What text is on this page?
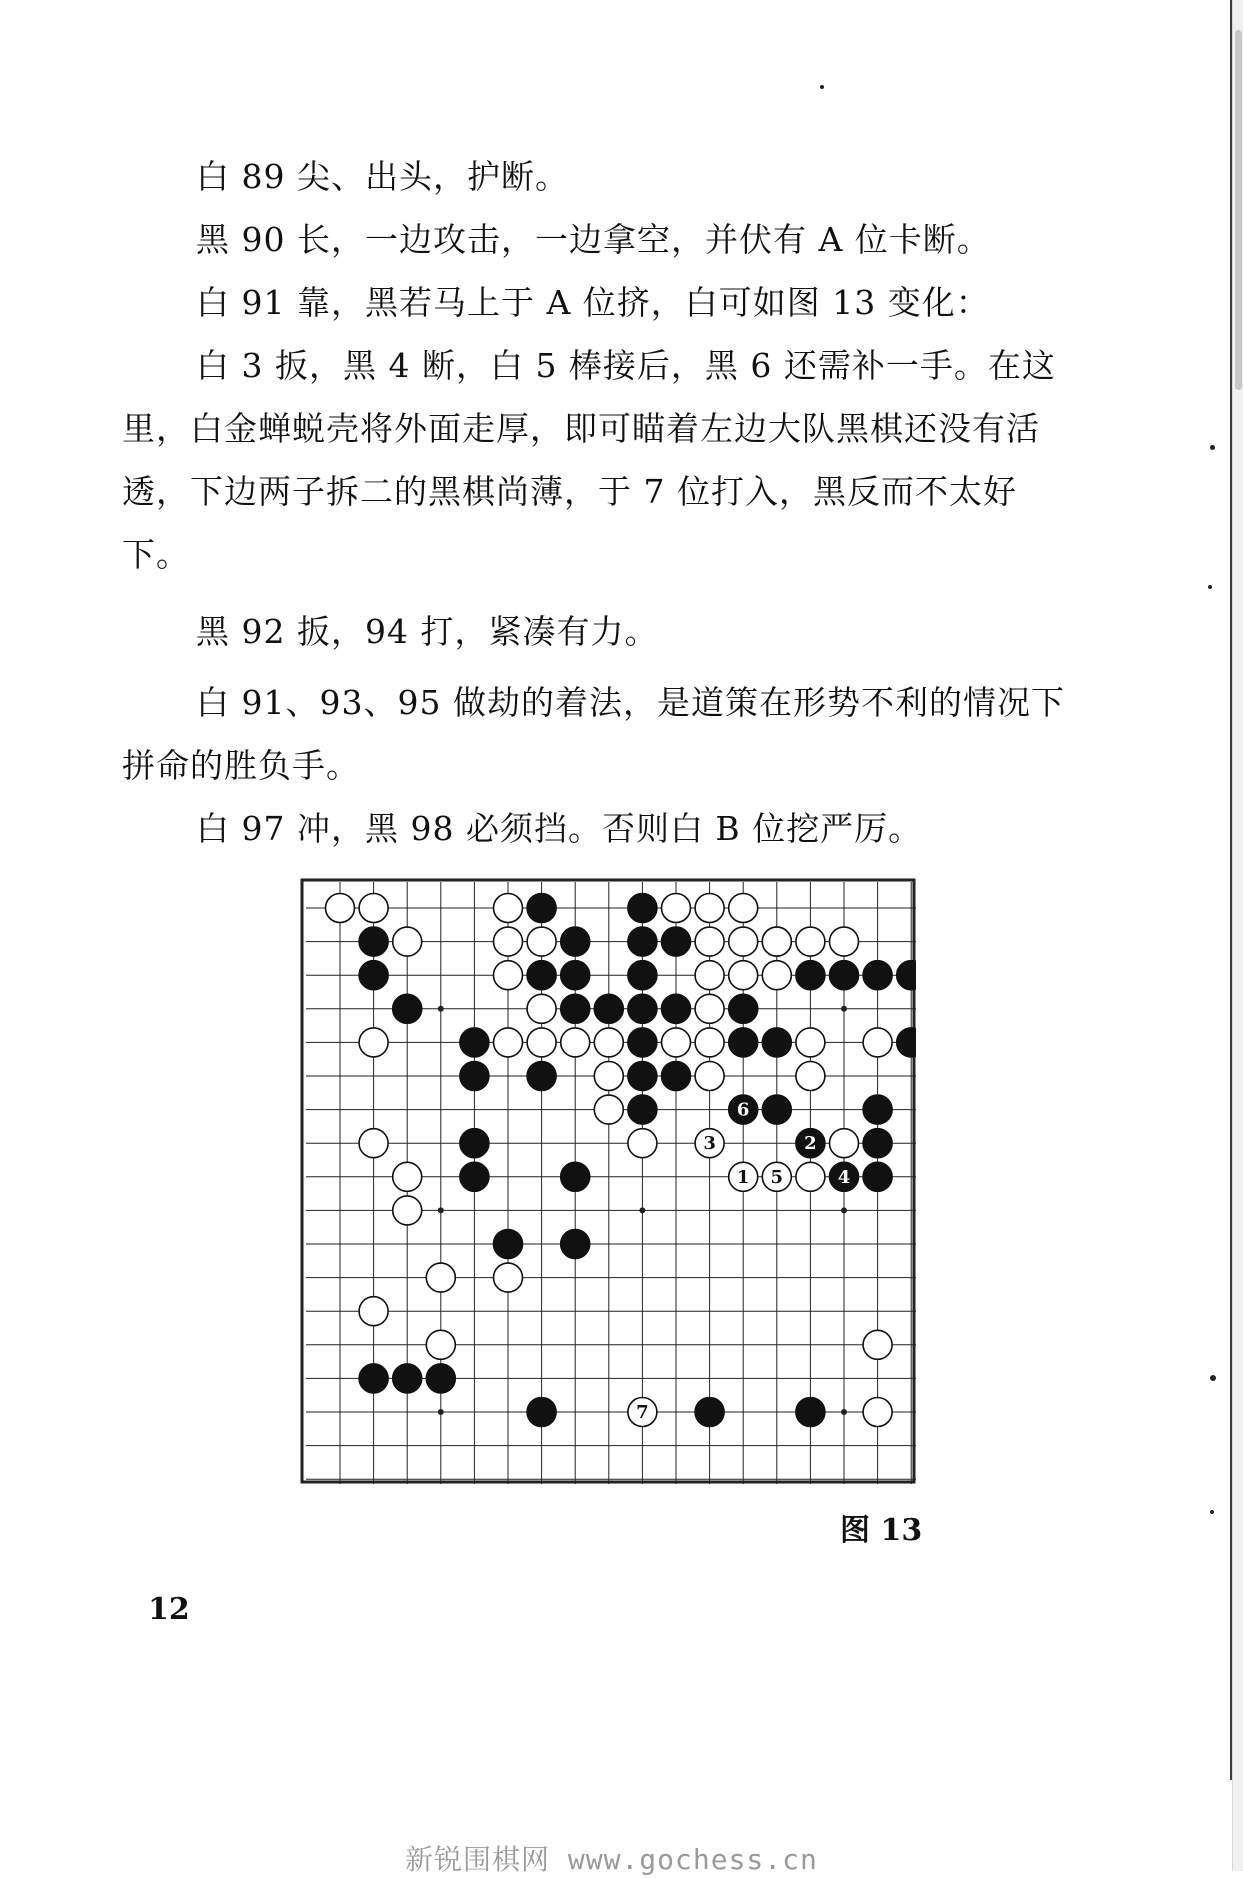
白 89 尖、出头，护断。

黑 90 长，一边攻击，一边拿空，并伏有 A 位卡断。

白 91 靠，黑若马上于 A 位挤，白可如图 13 变化：

白 3 扳，黑 4 断，白 5 棒接后，黑 6 还需补一手。在这

里，白金蝉蜕壳将外面走厚，即可瞄着左边大队黑棋还没有活

透，下边两子拆二的黑棋尚薄，于 7 位打入，黑反而不太好

下。

黑 92 扳，94 打，紧凑有力。

白 91、93、95 做劫的着法，是道策在形势不利的情况下

拼命的胜负手。

白 97 冲，黑 98 必须挡。否则白 B 位挖严厉。

1
2
3
4
5
6
7
图 13
12
新锐围棋网 www.gochess.cn
